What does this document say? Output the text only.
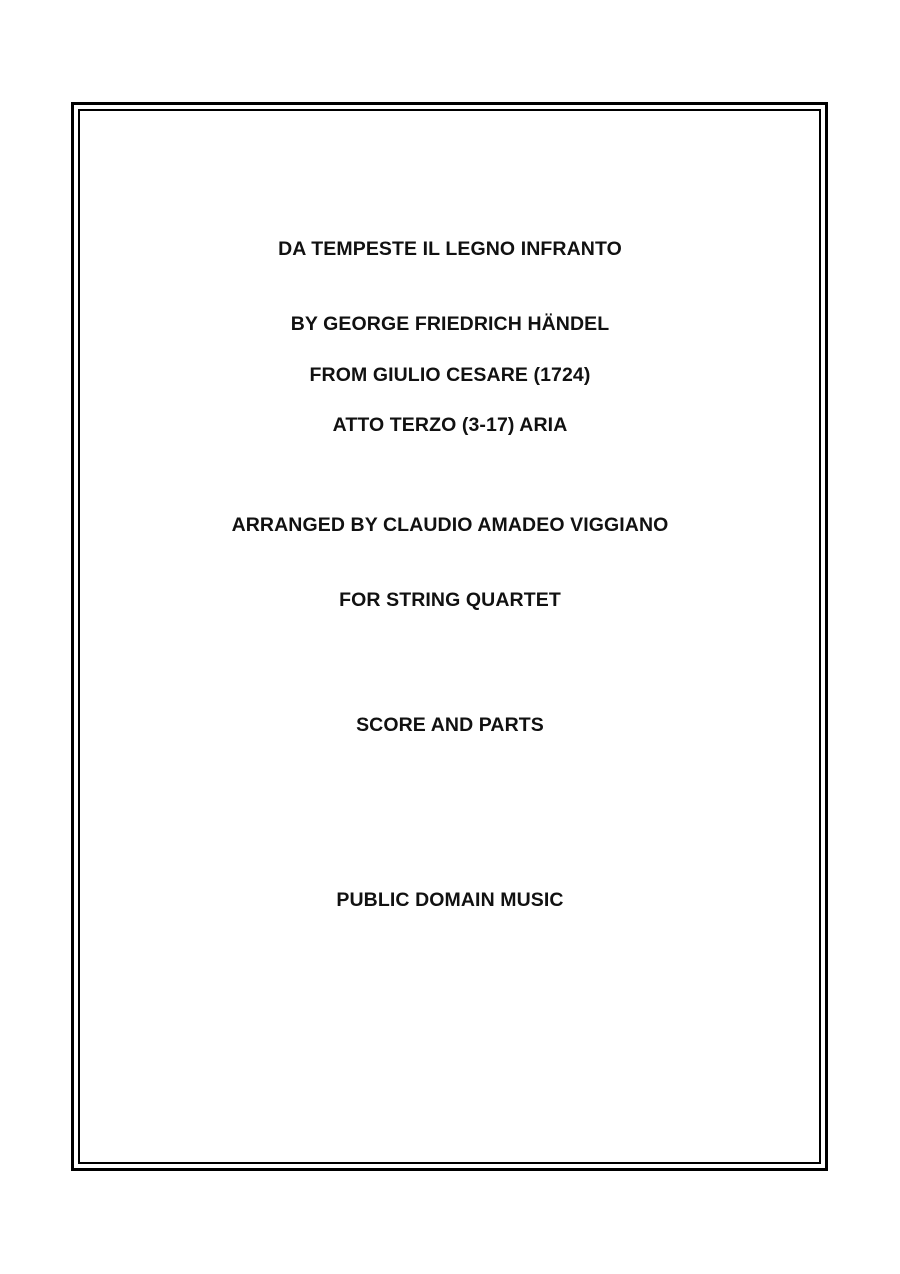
DA TEMPESTE IL LEGNO INFRANTO
BY GEORGE FRIEDRICH HÄNDEL
FROM GIULIO CESARE (1724)
ATTO TERZO (3-17) ARIA
ARRANGED BY CLAUDIO AMADEO VIGGIANO
FOR STRING QUARTET
SCORE AND PARTS
PUBLIC DOMAIN MUSIC
